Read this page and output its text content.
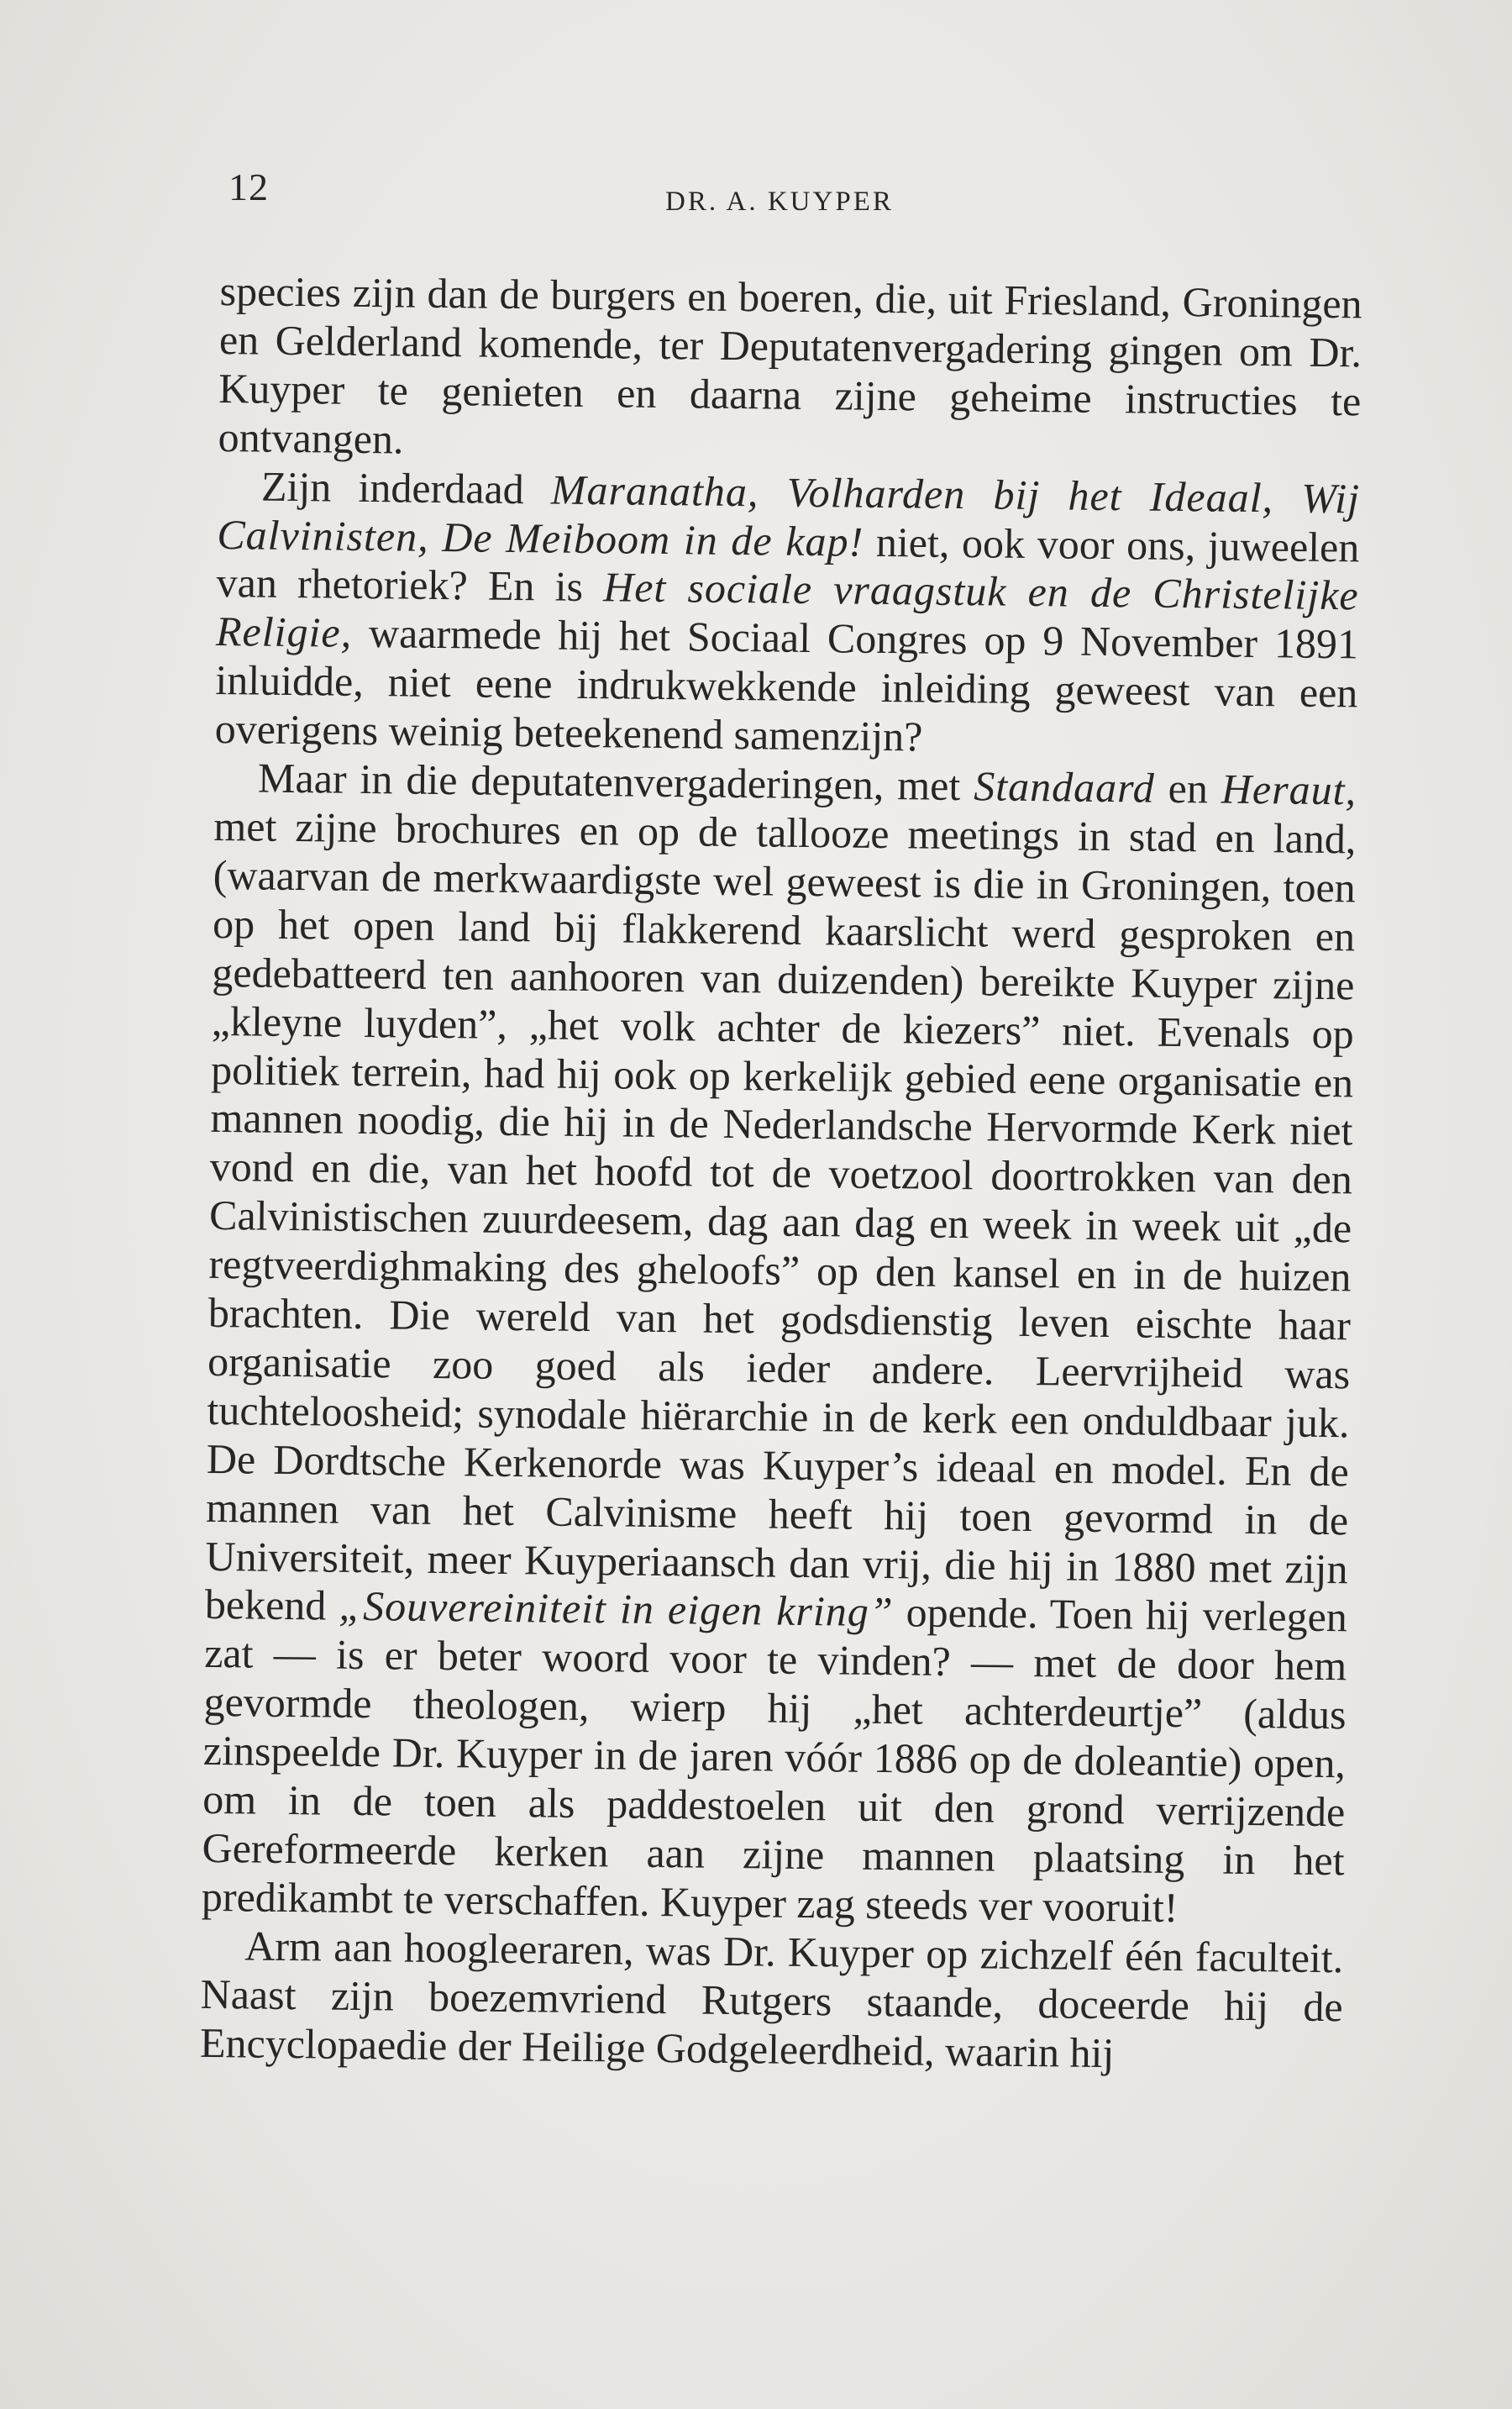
12	DR. A. KUYPER

species zijn dan de burgers en boeren, die, uit Friesland, Groningen en Gelderland komende, ter Deputatenvergadering gingen om Dr. Kuyper te genieten en daarna zijne geheime instructies te ontvangen.

Zijn inderdaad Maranatha, Volharden bij het Ideaal, Wij Calvinisten, De Meiboom in de kap! niet, ook voor ons, juweelen van rhetoriek? En is Het sociale vraagstuk en de Christelijke Religie, waarmede hij het Sociaal Congres op 9 November 1891 inluidde, niet eene indrukwekkende inleiding geweest van een overigens weinig beteekenend samenzijn?

Maar in die deputatenvergaderingen, met Standaard en Heraut, met zijne brochures en op de tallooze meetings in stad en land, (waarvan de merkwaardigste wel geweest is die in Groningen, toen op het open land bij flakkerend kaarslicht werd gesproken en gedebatteerd ten aanhooren van duizenden) bereikte Kuyper zijne „kleyne luyden”, „het volk achter de kiezers” niet. Evenals op politiek terrein, had hij ook op kerkelijk gebied eene organisatie en mannen noodig, die hij in de Nederlandsche Hervormde Kerk niet vond en die, van het hoofd tot de voetzool doortrokken van den Calvinistischen zuurdeesem, dag aan dag en week in week uit „de regtveerdighmaking des gheloofs” op den kansel en in de huizen brachten. Die wereld van het godsdienstig leven eischte haar organisatie zoo goed als ieder andere. Leervrijheid was tuchteloosheid; synodale hiërarchie in de kerk een onduldbaar juk. De Dordtsche Kerkenorde was Kuyper’s ideaal en model. En de mannen van het Calvinisme heeft hij toen gevormd in de Universiteit, meer Kuyperiaansch dan vrij, die hij in 1880 met zijn bekend „Souvereiniteit in eigen kring” opende. Toen hij verlegen zat — is er beter woord voor te vinden? — met de door hem gevormde theologen, wierp hij „het achterdeurtje” (aldus zinspeelde Dr. Kuyper in de jaren vóór 1886 op de doleantie) open, om in de toen als paddestoelen uit den grond verrijzende Gereformeerde kerken aan zijne mannen plaatsing in het predikambt te verschaffen. Kuyper zag steeds ver vooruit!

Arm aan hoogleeraren, was Dr. Kuyper op zichzelf één faculteit. Naast zijn boezemvriend Rutgers staande, doceerde hij de Encyclopaedie der Heilige Godgeleerdheid, waarin hij
